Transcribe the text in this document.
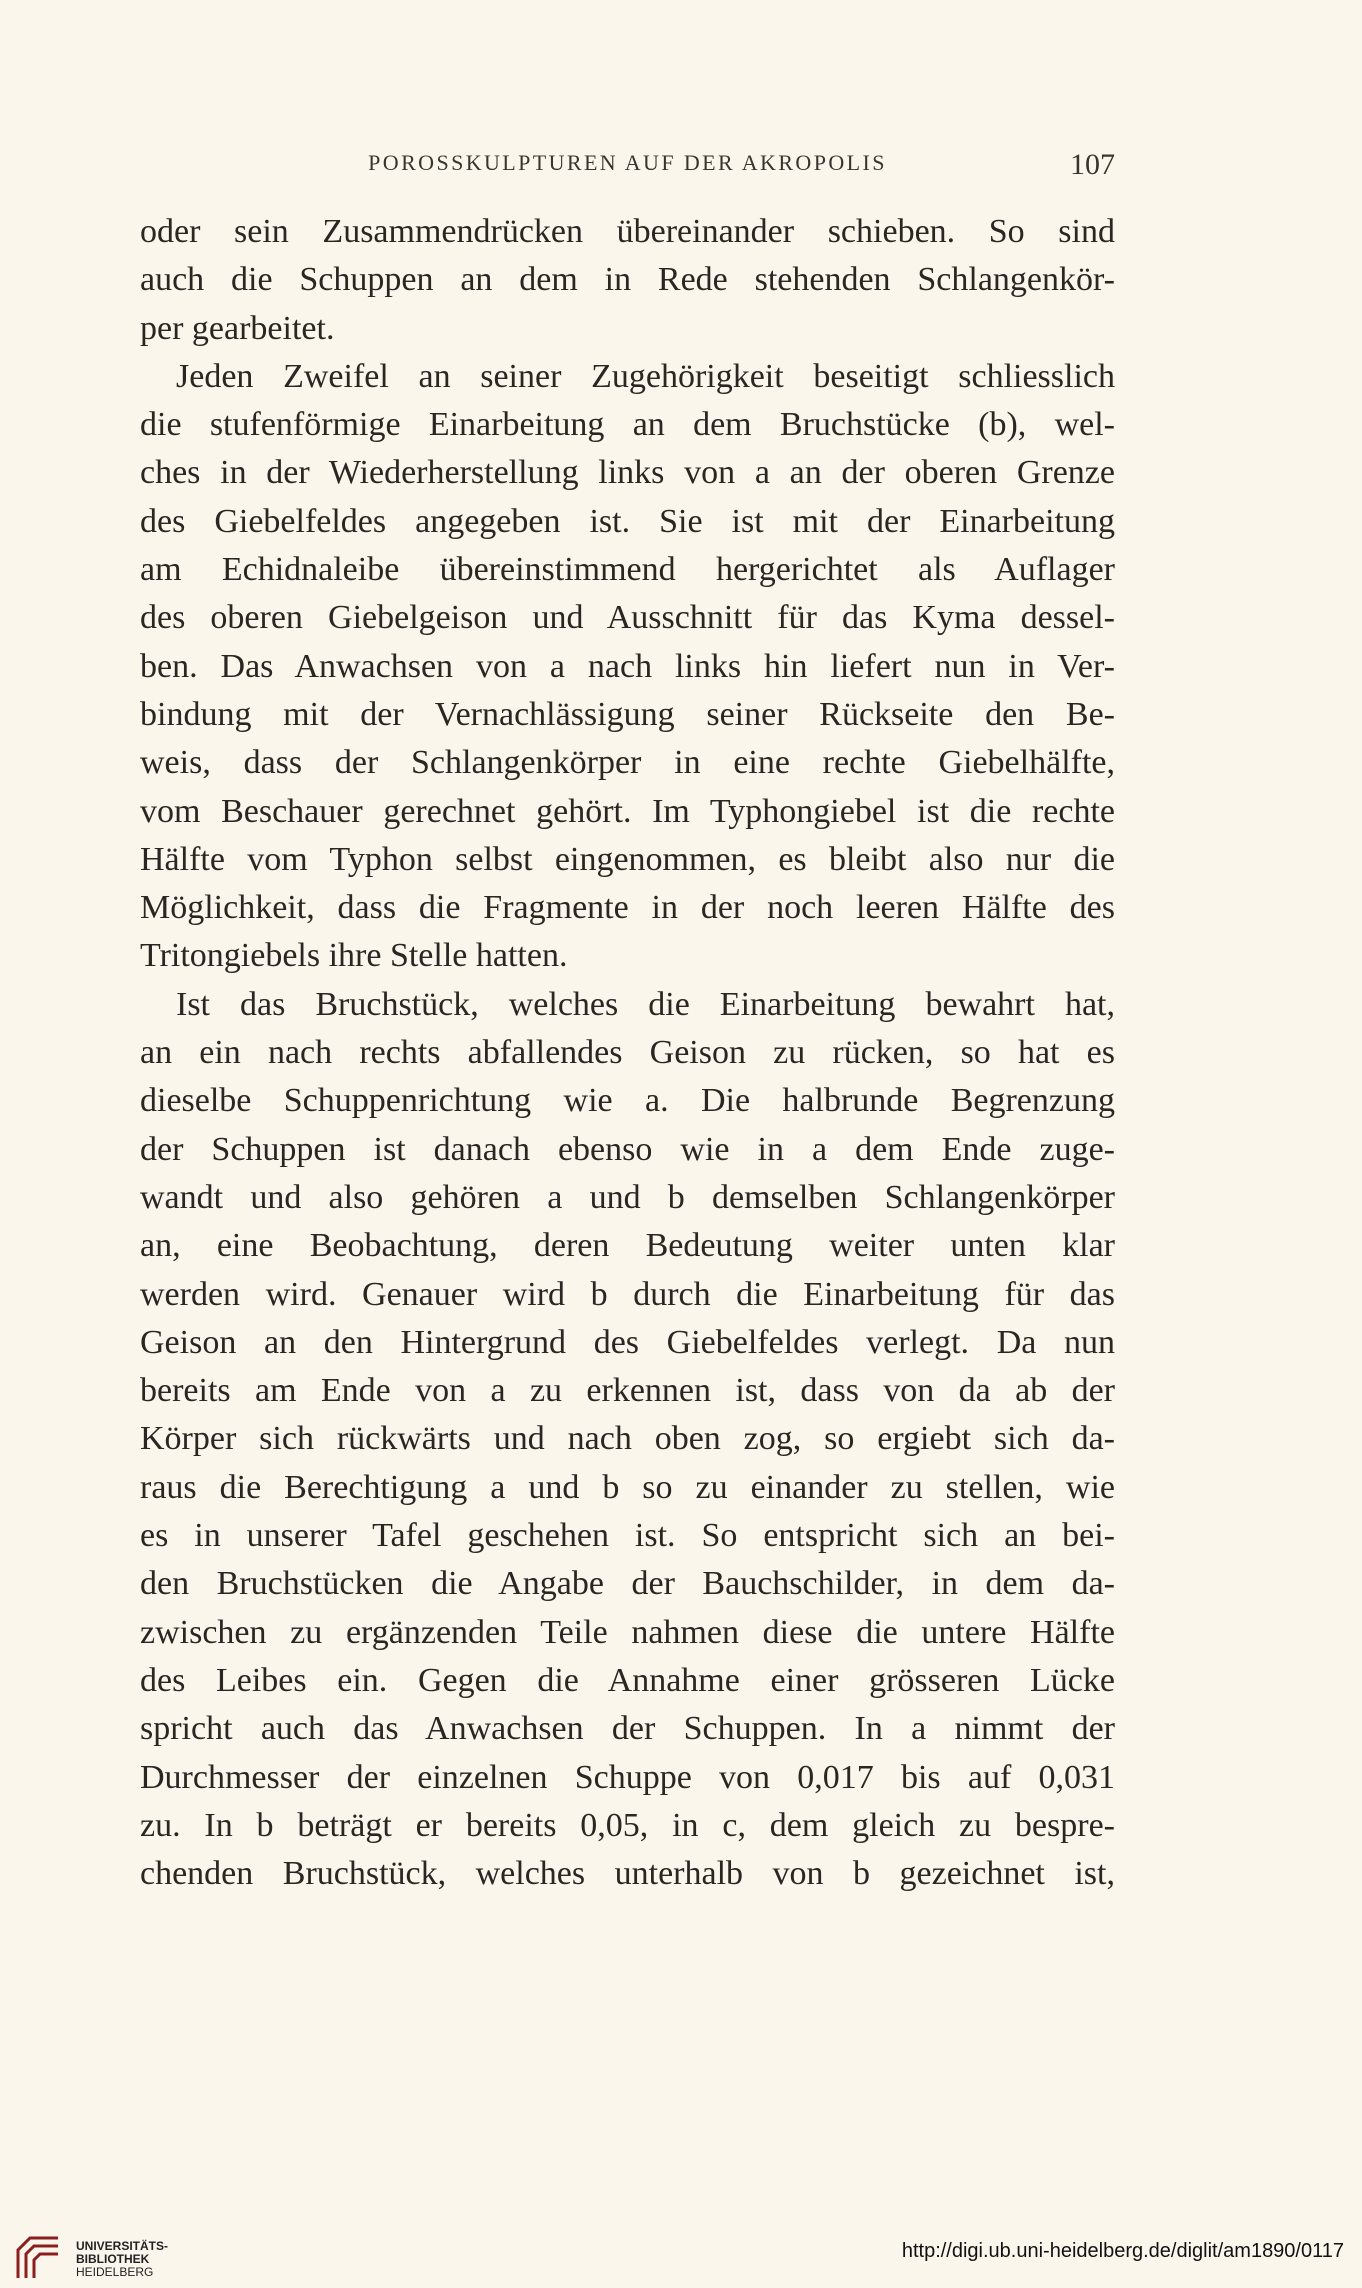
POROSSKULPTUREN AUF DER AKROPOLIS	107
oder sein Zusammendrücken übereinander schieben. So sind
auch die Schuppen an dem in Rede stehenden Schlangenkör-
per gearbeitet.
Jeden Zweifel an seiner Zugehörigkeit beseitigt schliesslich
die stufenförmige Einarbeitung an dem Bruchstücke (b), wel-
ches in der Wiederherstellung links von a an der oberen Grenze
des Giebelfeldes angegeben ist. Sie ist mit der Einarbeitung
am Echidnaleibe übereinstimmend hergerichtet als Auflager
des oberen Giebelgeison und Ausschnitt für das Kyma dessel-
ben. Das Anwachsen von a nach links hin liefert nun in Ver-
bindung mit der Vernachlässigung seiner Rückseite den Be-
weis, dass der Schlangenkörper in eine rechte Giebelhälfte,
vom Beschauer gerechnet gehört. Im Typhongiebel ist die rechte
Hälfte vom Typhon selbst eingenommen, es bleibt also nur die
Möglichkeit, dass die Fragmente in der noch leeren Hälfte des
Tritongiebels ihre Stelle hatten.
Ist das Bruchstück, welches die Einarbeitung bewahrt hat,
an ein nach rechts abfallendes Geison zu rücken, so hat es
dieselbe Schuppenrichtung wie a. Die halbrunde Begrenzung
der Schuppen ist danach ebenso wie in a dem Ende zuge-
wandt und also gehören a und b demselben Schlangenkörper
an, eine Beobachtung, deren Bedeutung weiter unten klar
werden wird. Genauer wird b durch die Einarbeitung für das
Geison an den Hintergrund des Giebelfeldes verlegt. Da nun
bereits am Ende von a zu erkennen ist, dass von da ab der
Körper sich rückwärts und nach oben zog, so ergiebt sich da-
raus die Berechtigung a und b so zu einander zu stellen, wie
es in unserer Tafel geschehen ist. So entspricht sich an bei-
den Bruchstücken die Angabe der Bauchschilder, in dem da-
zwischen zu ergänzenden Teile nahmen diese die untere Hälfte
des Leibes ein. Gegen die Annahme einer grösseren Lücke
spricht auch das Anwachsen der Schuppen. In a nimmt der
Durchmesser der einzelnen Schuppe von 0,017 bis auf 0,031
zu. In b beträgt er bereits 0,05, in c, dem gleich zu bespre-
chenden Bruchstück, welches unterhalb von b gezeichnet ist,
UNIVERSITÄTS-
BIBLIOTHEK
HEIDELBERG
http://digi.ub.uni-heidelberg.de/diglit/am1890/0117
